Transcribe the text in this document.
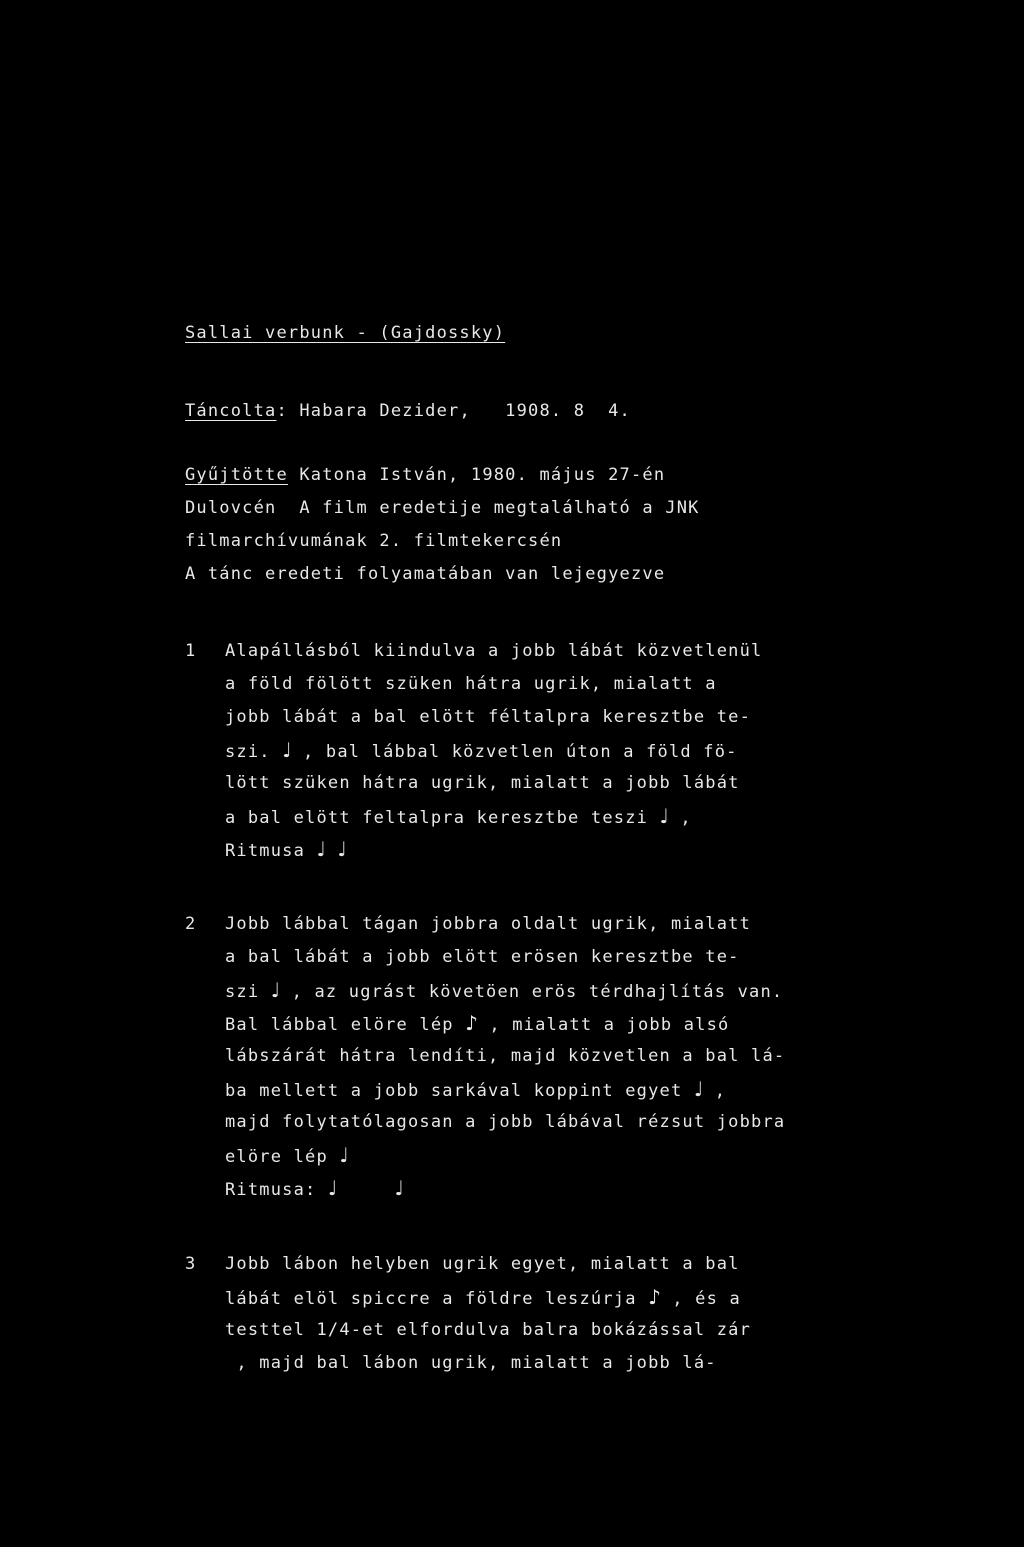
Sallai verbunk - (Gajdossky)
Táncolta: Habara Dezider,   1908. 8  4.
Gyűjtötte Katona István, 1980. május 27-én
Dulovcén  A film eredetije megtalálható a JNK
filmarchívumának 2. filmtekercsén
A tánc eredeti folyamatában van lejegyezve
1 Alapállásból kiindulva a jobb lábát közvetlenül
a föld fölött szüken hátra ugrik, mialatt a
jobb lábát a bal elött féltalpra keresztbe te-
szi. ♩ , bal lábbal közvetlen úton a föld fö-
lött szüken hátra ugrik, mialatt a jobb lábát
a bal elött feltalpra keresztbe teszi ♩ ,
Ritmusa ♩ ♩
2 Jobb lábbal tágan jobbra oldalt ugrik, mialatt
a bal lábát a jobb elött erösen keresztbe te-
szi ♩ , az ugrást követöen erös térdhajlítás van.
Bal lábbal elöre lép ♪ , mialatt a jobb alsó
lábszárát hátra lendíti, majd közvetlen a bal lá-
ba mellett a jobb sarkával koppint egyet ♩ ,
majd folytatólagosan a jobb lábával rézsut jobbra
elöre lép ♩
Ritmusa: ♩	♩
3 Jobb lábon helyben ugrik egyet, mialatt a bal
lábát elöl spiccre a földre leszúrja ♪ , és a
testtel 1/4-et elfordulva balra bokázással zár
, majd bal lábon ugrik, mialatt a jobb lá-
